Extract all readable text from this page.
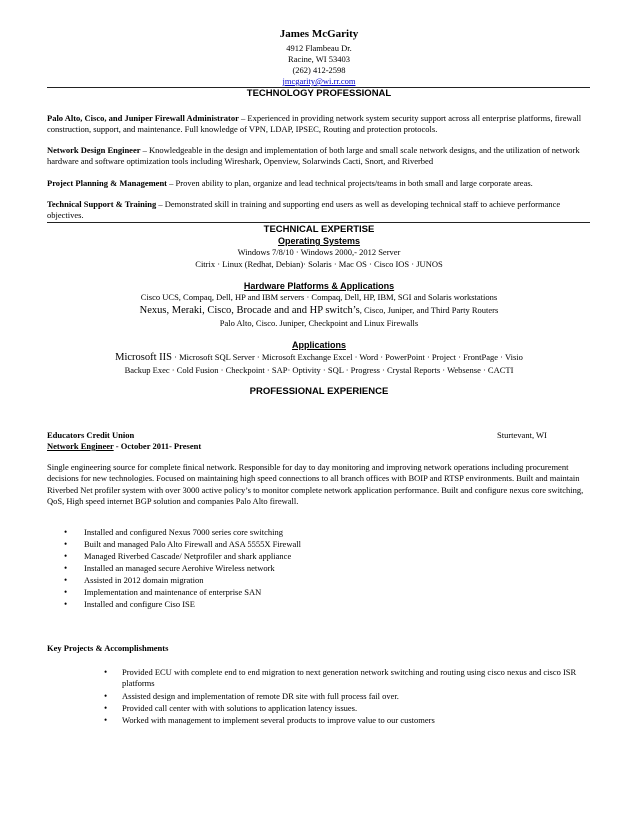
James McGarity
4912 Flambeau Dr.
Racine, WI 53403
(262) 412-2598
jmcgarity@wi.rr.com
TECHNOLOGY PROFESSIONAL
Palo Alto, Cisco, and Juniper Firewall Administrator – Experienced in providing network system security support across all enterprise platforms, firewall construction, support, and maintenance. Full knowledge of VPN, LDAP, IPSEC, Routing and protection protocols.
Network Design Engineer – Knowledgeable in the design and implementation of both large and small scale network designs, and the utilization of network hardware and software optimization tools including Wireshark, Openview, Solarwinds Cacti, Snort, and Riverbed
Project Planning & Management – Proven ability to plan, organize and lead technical projects/teams in both small and large corporate areas.
Technical Support & Training – Demonstrated skill in training and supporting end users as well as developing technical staff to achieve performance objectives.
TECHNICAL EXPERTISE
Operating Systems
Windows 7/8/10 · Windows 2000,- 2012 Server
Citrix · Linux (Redhat, Debian)· Solaris · Mac OS · Cisco IOS · JUNOS
Hardware Platforms & Applications
Cisco UCS, Compaq, Dell, HP and IBM servers · Compaq, Dell, HP, IBM, SGI and Solaris workstations
Nexus, Meraki, Cisco, Brocade and and HP switch’s, Cisco, Juniper, and Third Party Routers
Palo Alto, Cisco. Juniper, Checkpoint and Linux Firewalls
Applications
Microsoft IIS · Microsoft SQL Server · Microsoft Exchange Excel · Word · PowerPoint · Project · FrontPage · Visio
Backup Exec · Cold Fusion · Checkpoint · SAP· Optivity · SQL · Progress · Crystal Reports · Websense · CACTI
PROFESSIONAL EXPERIENCE
Educators Credit Union	Sturtevant, WI
Network Engineer - October 2011- Present
Single engineering source for complete finical network. Responsible for day to day monitoring and improving network operations including procurement decisions for new technologies. Focused on maintaining high speed connections to all branch offices with BOIP and RTSP environments. Built and maintain Riverbed Net profiler system with over 3000 active policy’s to monitor complete network application performance. Built and configure nexus core switching, QoS, High speed internet BGP solution and companies Palo Alto firewall.
• Installed and configured Nexus 7000 series core switching
• Built and managed Palo Alto Firewall and ASA 5555X Firewall
• Managed Riverbed Cascade/ Netprofiler and shark appliance
• Installed an managed secure Aerohive Wireless network
• Assisted in 2012 domain migration
• Implementation and maintenance of enterprise SAN
• Installed and configure Ciso ISE
Key Projects & Accomplishments
• Provided ECU with complete end to end migration to next generation network switching and routing using cisco nexus and cisco ISR platforms
• Assisted design and implementation of remote DR site with full process fail over.
• Provided call center with with solutions to application latency issues.
• Worked with management to implement several products to improve value to our customers
